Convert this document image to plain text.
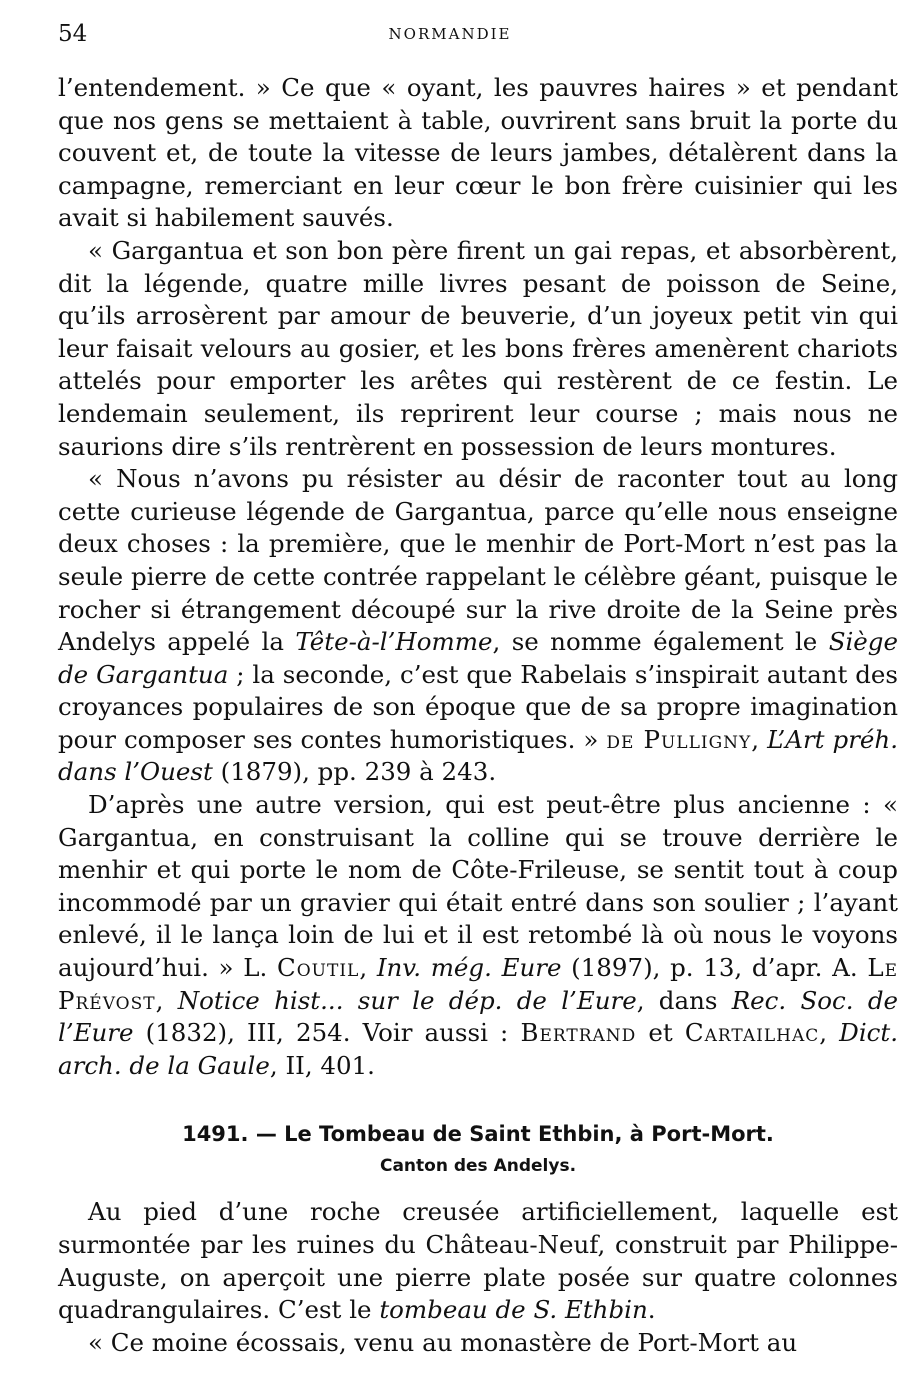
54	NORMANDIE

l’entendement. » Ce que « oyant, les pauvres haires » et pendant que nos gens se mettaient à table, ouvrirent sans bruit la porte du couvent et, de toute la vitesse de leurs jambes, détalèrent dans la campagne, remerciant en leur cœur le bon frère cuisinier qui les avait si habilement sauvés.

« Gargantua et son bon père firent un gai repas, et absorbèrent, dit la légende, quatre mille livres pesant de poisson de Seine, qu’ils arrosèrent par amour de beuverie, d’un joyeux petit vin qui leur faisait velours au gosier, et les bons frères amenèrent chariots attelés pour emporter les arêtes qui restèrent de ce festin. Le lendemain seulement, ils reprirent leur course ; mais nous ne saurions dire s’ils rentrèrent en possession de leurs montures.

« Nous n’avons pu résister au désir de raconter tout au long cette curieuse légende de Gargantua, parce qu’elle nous enseigne deux choses : la première, que le menhir de Port-Mort n’est pas la seule pierre de cette contrée rappelant le célèbre géant, puisque le rocher si étrangement découpé sur la rive droite de la Seine près Andelys appelé la Tête-à-l’Homme, se nomme également le Siège de Gargantua ; la seconde, c’est que Rabelais s’inspirait autant des croyances populaires de son époque que de sa propre imagination pour composer ses contes humoristiques. » de Pulligny, L’Art préh. dans l’Ouest (1879), pp. 239 à 243.

D’après une autre version, qui est peut-être plus ancienne : « Gargantua, en construisant la colline qui se trouve derrière le menhir et qui porte le nom de Côte-Frileuse, se sentit tout à coup incommodé par un gravier qui était entré dans son soulier ; l’ayant enlevé, il le lança loin de lui et il est retombé là où nous le voyons aujourd’hui. » L. Coutil, Inv. még. Eure (1897), p. 13, d’apr. A. Le Prévost, Notice hist... sur le dép. de l’Eure, dans Rec. Soc. de l’Eure (1832), III, 254. Voir aussi : Bertrand et Cartailhac, Dict. arch. de la Gaule, II, 401.

1491. — Le Tombeau de Saint Ethbin, à Port-Mort.

Canton des Andelys.

Au pied d’une roche creusée artificiellement, laquelle est surmontée par les ruines du Château-Neuf, construit par Philippe-Auguste, on aperçoit une pierre plate posée sur quatre colonnes quadrangulaires. C’est le tombeau de S. Ethbin.

« Ce moine écossais, venu au monastère de Port-Mort au
